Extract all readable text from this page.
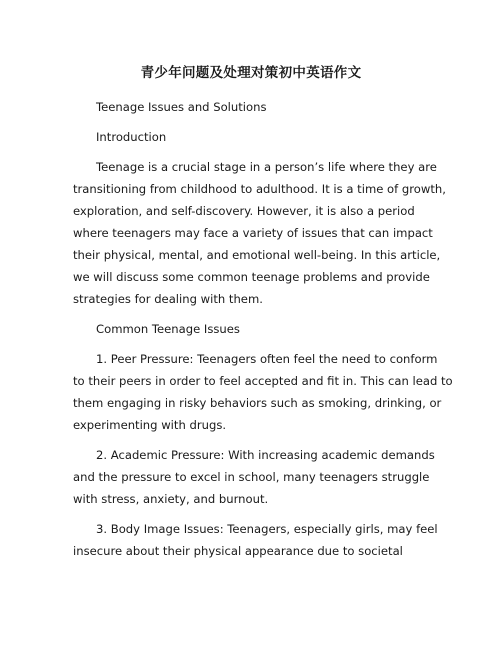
青少年问题及处理对策初中英语作文
Teenage Issues and Solutions
Introduction
Teenage is a crucial stage in a person’s life where they are
transitioning from childhood to adulthood. It is a time of growth,
exploration, and self-discovery. However, it is also a period
where teenagers may face a variety of issues that can impact
their physical, mental, and emotional well-being. In this article,
we will discuss some common teenage problems and provide
strategies for dealing with them.
Common Teenage Issues
1. Peer Pressure: Teenagers often feel the need to conform
to their peers in order to feel accepted and fit in. This can lead to
them engaging in risky behaviors such as smoking, drinking, or
experimenting with drugs.
2. Academic Pressure: With increasing academic demands
and the pressure to excel in school, many teenagers struggle
with stress, anxiety, and burnout.
3. Body Image Issues: Teenagers, especially girls, may feel
insecure about their physical appearance due to societal
